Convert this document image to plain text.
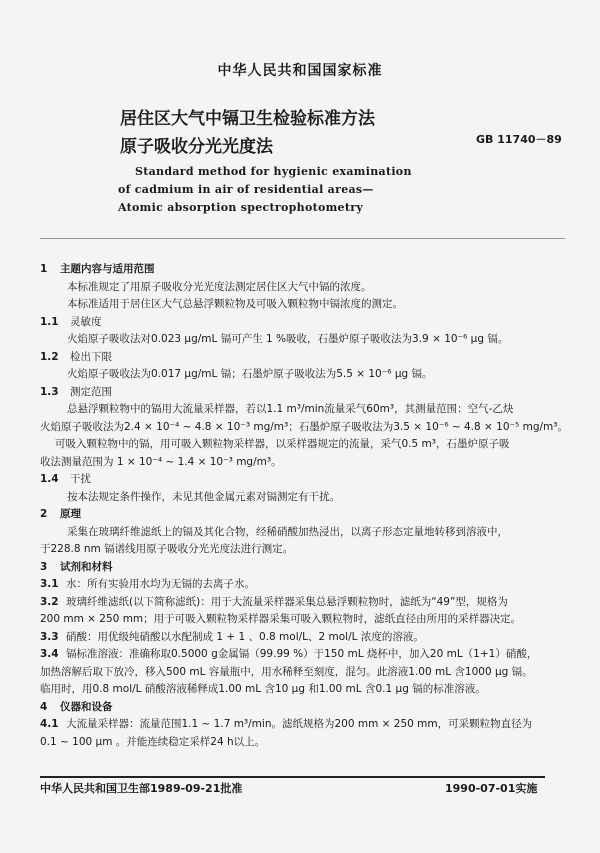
中华人民共和国国家标准
居住区大气中镉卫生检验标准方法
原子吸收分光光度法	GB 11740－89
Standard method for hygienic examination
of cadmium in air of residential areas—
Atomic absorption spectrophotometry
1 主题内容与适用范围
本标准规定了用原子吸收分光光度法测定居住区大气中镉的浓度。
本标准适用于居住区大气总悬浮颗粒物及可吸入颗粒物中镉浓度的测定。
1.1 灵敏度
火焰原子吸收法对0.023 μg/mL 镉可产生 1 %吸收，石墨炉原子吸收法为3.9 × 10⁻⁶ μg 镉。
1.2 检出下限
火焰原子吸收法为0.017 μg/mL 镉；石墨炉原子吸收法为5.5 × 10⁻⁶ μg 镉。
1.3 测定范围
总悬浮颗粒物中的镉用大流量采样器，若以1.1 m³/min流量采气60m³，其测量范围：空气-乙炔
火焰原子吸收法为2.4 × 10⁻⁴ ~ 4.8 × 10⁻³ mg/m³；石墨炉原子吸收法为3.5 × 10⁻⁶ ~ 4.8 × 10⁻⁵ mg/m³。
可吸入颗粒物中的镉，用可吸入颗粒物采样器，以采样器规定的流量，采气0.5 m³，石墨炉原子吸
收法测量范围为 1 × 10⁻⁴ ~ 1.4 × 10⁻³ mg/m³。
1.4 干扰
按本法规定条件操作，未见其他金属元素对镉测定有干扰。
2 原理
采集在玻璃纤维滤纸上的镉及其化合物，经稀硝酸加热浸出，以离子形态定量地转移到溶液中，
于228.8 nm 镉谱线用原子吸收分光光度法进行测定。
3 试剂和材料
3.1 水：所有实验用水均为无镉的去离子水。
3.2 玻璃纤维滤纸(以下简称滤纸)：用于大流量采样器采集总悬浮颗粒物时，滤纸为“49”型，规格为
200 mm × 250 mm；用于可吸入颗粒物采样器采集可吸入颗粒物时，滤纸直径由所用的采样器决定。
3.3 硝酸：用优级纯硝酸以水配制成 1 + 1 、0.8 mol/L、2 mol/L 浓度的溶液。
3.4 镉标准溶液：准确称取0.5000 g金属镉（99.99 %）于150 mL 烧杯中，加入20 mL（1+1）硝酸，
加热溶解后取下放冷，移入500 mL 容量瓶中，用水稀释至刻度，混匀。此溶液1.00 mL 含1000 μg 镉。
临用时，用0.8 mol/L 硝酸溶液稀释成1.00 mL 含10 μg 和1.00 mL 含0.1 μg 镉的标准溶液。
4 仪器和设备
4.1 大流量采样器：流量范围1.1 ~ 1.7 m³/min。滤纸规格为200 mm × 250 mm，可采颗粒物直径为
0.1 ~ 100 μm 。并能连续稳定采样24 h以上。
中华人民共和国卫生部1989-09-21批准	1990-07-01实施
